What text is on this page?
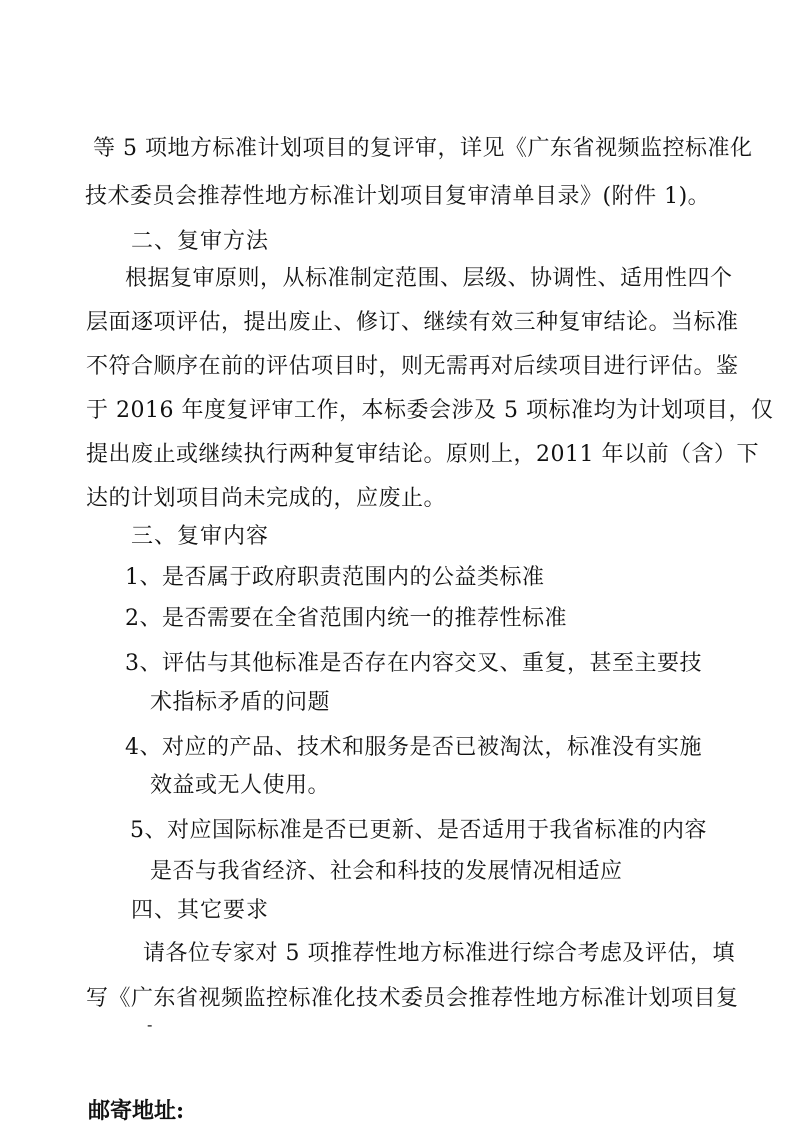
等 5 项地方标准计划项目的复评审，详见《广东省视频监控标准化
技术委员会推荐性地方标准计划项目复审清单目录》(附件 1)。
二、复审方法
根据复审原则，从标准制定范围、层级、协调性、适用性四个
层面逐项评估，提出废止、修订、继续有效三种复审结论。当标准
不符合顺序在前的评估项目时，则无需再对后续项目进行评估。鉴
于 2016 年度复评审工作，本标委会涉及 5 项标准均为计划项目，仅
提出废止或继续执行两种复审结论。原则上，2011 年以前（含）下
达的计划项目尚未完成的，应废止。
三、复审内容
1、是否属于政府职责范围内的公益类标准
2、是否需要在全省范围内统一的推荐性标准
3、评估与其他标准是否存在内容交叉、重复，甚至主要技
术指标矛盾的问题
4、对应的产品、技术和服务是否已被淘汰，标准没有实施
效益或无人使用。
5、对应国际标准是否已更新、是否适用于我省标准的内容
是否与我省经济、社会和科技的发展情况相适应
四、其它要求
请各位专家对 5 项推荐性地方标准进行综合考虑及评估，填
写《广东省视频监控标准化技术委员会推荐性地方标准计划项目复
-
邮寄地址:
